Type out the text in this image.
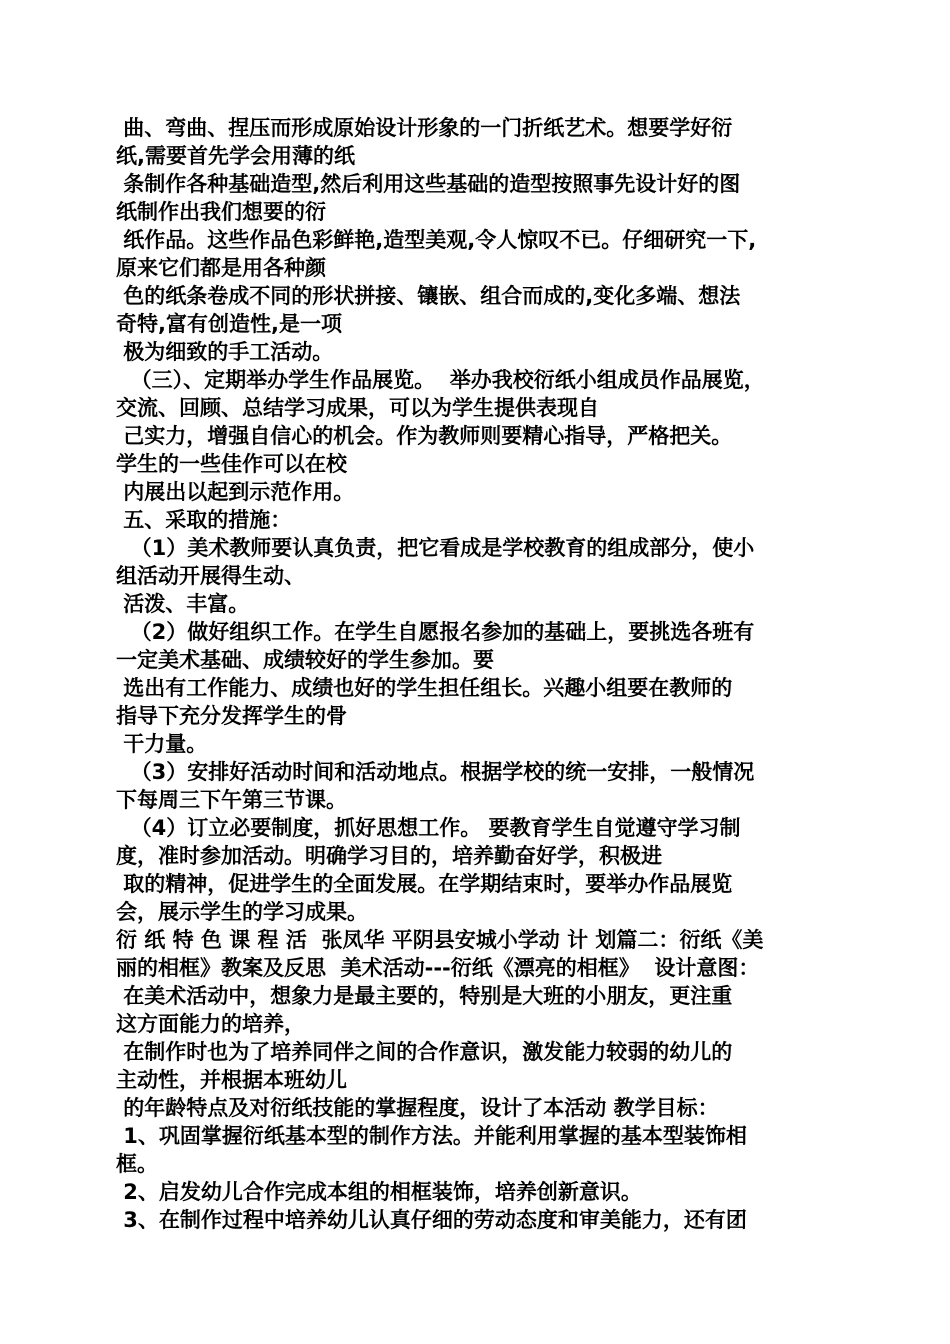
曲、弯曲、捏压而形成原始设计形象的一门折纸艺术。想要学好衍
纸,需要首先学会用薄的纸
条制作各种基础造型,然后利用这些基础的造型按照事先设计好的图
纸制作出我们想要的衍
纸作品。这些作品色彩鲜艳,造型美观,令人惊叹不已。仔细研究一下,
原来它们都是用各种颜
色的纸条卷成不同的形状拼接、镶嵌、组合而成的,变化多端、想法
奇特,富有创造性,是一项
极为细致的手工活动。
（三）、定期举办学生作品展览。  举办我校衍纸小组成员作品展览，
交流、回顾、总结学习成果，可以为学生提供表现自
己实力，增强自信心的机会。作为教师则要精心指导，严格把关。
学生的一些佳作可以在校
内展出以起到示范作用。
五、采取的措施：
（1）美术教师要认真负责，把它看成是学校教育的组成部分，使小
组活动开展得生动、
活泼、丰富。
（2）做好组织工作。在学生自愿报名参加的基础上，要挑选各班有
一定美术基础、成绩较好的学生参加。要
选出有工作能力、成绩也好的学生担任组长。兴趣小组要在教师的
指导下充分发挥学生的骨
干力量。
（3）安排好活动时间和活动地点。根据学校的统一安排，一般情况
下每周三下午第三节课。
（4）订立必要制度，抓好思想工作。 要教育学生自觉遵守学习制
度，准时参加活动。明确学习目的，培养勤奋好学，积极进
取的精神，促进学生的全面发展。在学期结束时，要举办作品展览
会，展示学生的学习成果。
衍 纸 特 色 课 程 活  张凤华 平阴县安城小学动 计 划篇二：衍纸《美
丽的相框》教案及反思  美术活动---衍纸《漂亮的相框》  设计意图：
在美术活动中，想象力是最主要的，特别是大班的小朋友，更注重
这方面能力的培养，
在制作时也为了培养同伴之间的合作意识，激发能力较弱的幼儿的
主动性，并根据本班幼儿
的年龄特点及对衍纸技能的掌握程度，设计了本活动 教学目标：
1、巩固掌握衍纸基本型的制作方法。并能利用掌握的基本型装饰相
框。
2、启发幼儿合作完成本组的相框装饰，培养创新意识。
3、在制作过程中培养幼儿认真仔细的劳动态度和审美能力，还有团
